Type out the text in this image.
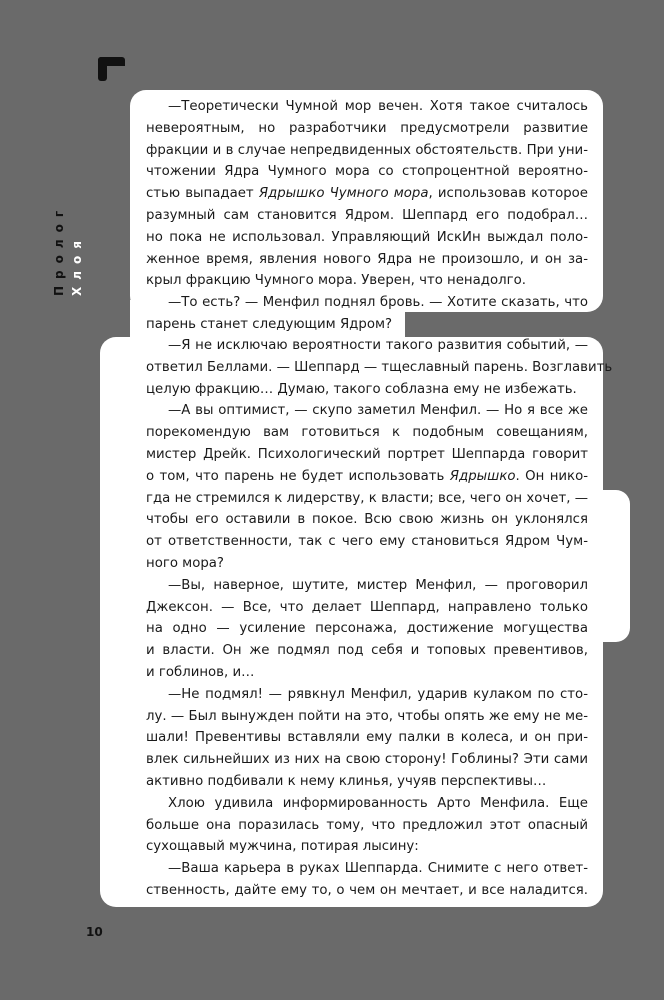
Пролог Хлоя
—Теоретически Чумной мор вечен. Хотя такое считалось
невероятным, но разработчики предусмотрели развитие
фракции и в случае непредвиденных обстоятельств. При уни-
чтожении Ядра Чумного мора со стопроцентной вероятно-
стью выпадает Ядрышко Чумного мора, использовав которое
разумный сам становится Ядром. Шеппард его подобрал…
но пока не использовал. Управляющий ИскИн выждал поло-
женное время, явления нового Ядра не произошло, и он за-
крыл фракцию Чумного мора. Уверен, что ненадолго.
—То есть? — Менфил поднял бровь. — Хотите сказать, что
парень станет следующим Ядром?
—Я не исключаю вероятности такого развития событий, —
ответил Беллами. — Шеппард — тщеславный парень. Возглавить
целую фракцию… Думаю, такого соблазна ему не избежать.
—А вы оптимист, — скупо заметил Менфил. — Но я все же
порекомендую вам готовиться к подобным совещаниям,
мистер Дрейк. Психологический портрет Шеппарда говорит
о том, что парень не будет использовать Ядрышко. Он нико-
гда не стремился к лидерству, к власти; все, чего он хочет, —
чтобы его оставили в покое. Всю свою жизнь он уклонялся
от ответственности, так с чего ему становиться Ядром Чум-
ного мора?
—Вы, наверное, шутите, мистер Менфил, — проговорил
Джексон. — Все, что делает Шеппард, направлено только
на одно — усиление персонажа, достижение могущества
и власти. Он же подмял под себя и топовых превентивов,
и гоблинов, и…
—Не подмял! — рявкнул Менфил, ударив кулаком по сто-
лу. — Был вынужден пойти на это, чтобы опять же ему не ме-
шали! Превентивы вставляли ему палки в колеса, и он при-
влек сильнейших из них на свою сторону! Гоблины? Эти сами
активно подбивали к нему клинья, учуяв перспективы…
Хлою удивила информированность Арто Менфила. Еще
больше она поразилась тому, что предложил этот опасный
сухощавый мужчина, потирая лысину:
—Ваша карьера в руках Шеппарда. Снимите с него ответ-
ственность, дайте ему то, о чем он мечтает, и все наладится.
10
